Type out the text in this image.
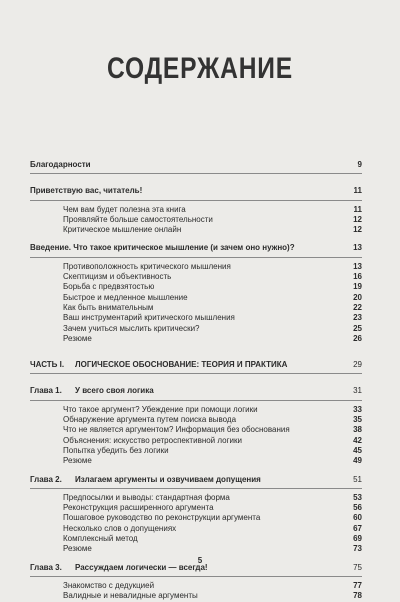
СОДЕРЖАНИЕ
Благодарности	9
Приветствую вас, читатель!	11
Чем вам будет полезна эта книга	11
Проявляйте больше самостоятельности	12
Критическое мышление онлайн	12
Введение. Что такое критическое мышление (и зачем оно нужно)?	13
Противоположность критического мышления	13
Скептицизм и объективность	16
Борьба с предвзятостью	19
Быстрое и медленное мышление	20
Как быть внимательным	22
Ваш инструментарий критического мышления	23
Зачем учиться мыслить критически?	25
Резюме	26
ЧАСТЬ I. ЛОГИЧЕСКОЕ ОБОСНОВАНИЕ: ТЕОРИЯ И ПРАКТИКА	29
Глава 1. У всего своя логика	31
Что такое аргумент? Убеждение при помощи логики	33
Обнаружение аргумента путем поиска вывода	35
Что не является аргументом? Информация без обоснования	38
Объяснения: искусство ретроспективной логики	42
Попытка убедить без логики	45
Резюме	49
Глава 2. Излагаем аргументы и озвучиваем допущения	51
Предпосылки и выводы: стандартная форма	53
Реконструкция расширенного аргумента	56
Пошаговое руководство по реконструкции аргумента	60
Несколько слов о допущениях	67
Комплексный метод	69
Резюме	73
Глава 3. Рассуждаем логически — всегда!	75
Знакомство с дедукцией	77
Валидные и невалидные аргументы	78
5
